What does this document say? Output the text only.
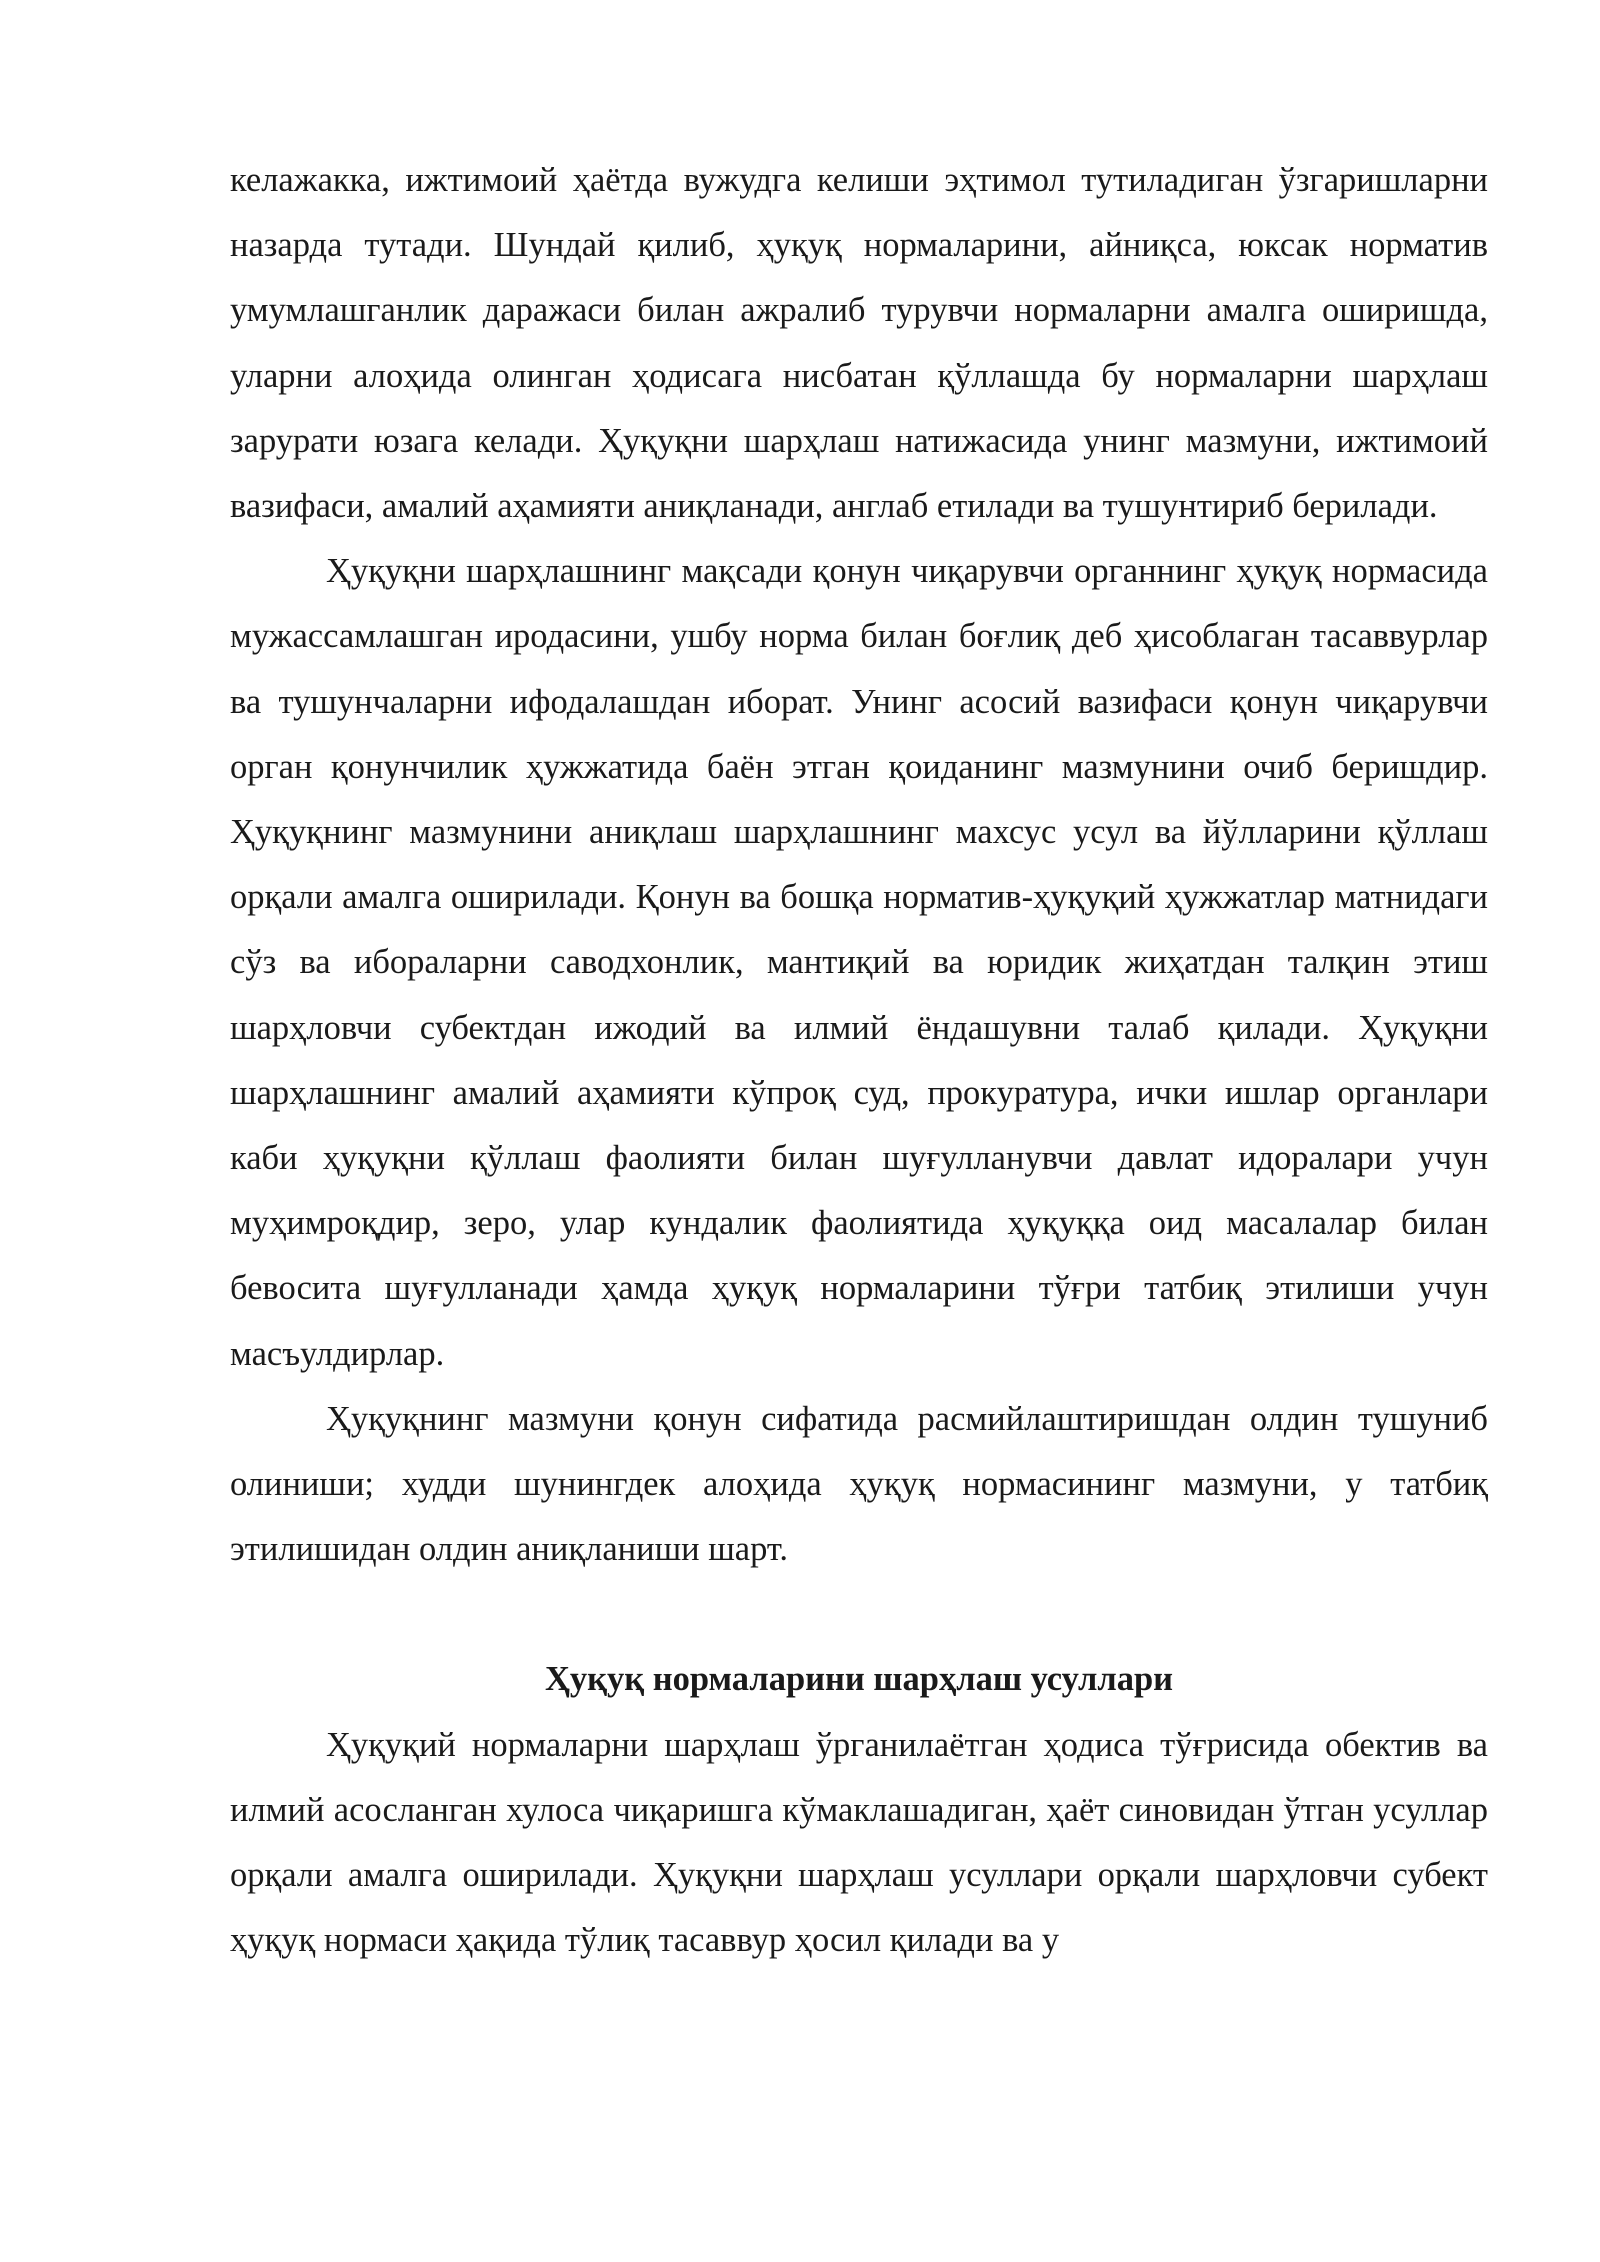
келажакка, ижтимоий ҳаётда вужудга келиши эҳтимол тутиладиган ўзгаришларни назарда тутади. Шундай қилиб, ҳуқуқ нормаларини, айниқса, юксак норматив умумлашганлик даражаси билан ажралиб турувчи нормаларни амалга оширишда, уларни алоҳида олинган ҳодисага нисбатан қўллашда бу нормаларни шарҳлаш зарурати юзага келади. Ҳуқуқни шарҳлаш натижасида унинг мазмуни, ижтимоий вазифаси, амалий аҳамияти аниқланади, англаб етилади ва тушунтириб берилади.

Ҳуқуқни шарҳлашнинг мақсади қонун чиқарувчи органнинг ҳуқуқ нормасида мужассамлашган иродасини, ушбу норма билан боғлиқ деб ҳисоблаган тасаввурлар ва тушунчаларни ифодалашдан иборат. Унинг асосий вазифаси қонун чиқарувчи орган қонунчилик ҳужжатида баён этган қоиданинг мазмунини очиб беришдир. Ҳуқуқнинг мазмунини аниқлаш шарҳлашнинг махсус усул ва йўлларини қўллаш орқали амалга оширилади. Қонун ва бошқа норматив-ҳуқуқий ҳужжатлар матнидаги сўз ва ибораларни саводхонлик, мантиқий ва юридик жиҳатдан талқин этиш шарҳловчи субектдан ижодий ва илмий ёндашувни талаб қилади. Ҳуқуқни шарҳлашнинг амалий аҳамияти кўпроқ суд, прокуратура, ички ишлар органлари каби ҳуқуқни қўллаш фаолияти билан шуғулланувчи давлат идоралари учун муҳимроқдир, зеро, улар кундалик фаолиятида ҳуқуққа оид масалалар билан бевосита шуғулланади ҳамда ҳуқуқ нормаларини тўғри татбиқ этилиши учун масъулдирлар.

Ҳуқуқнинг мазмуни қонун сифатида расмийлаштиришдан олдин тушуниб олиниши; худди шунингдек алоҳида ҳуқуқ нормасининг мазмуни, у татбиқ этилишидан олдин аниқланиши шарт.

Ҳуқуқ нормаларини шарҳлаш усуллари

Ҳуқуқий нормаларни шарҳлаш ўрганилаётган ҳодиса тўғрисида обектив ва илмий асосланган хулоса чиқаришга кўмаклашадиган, ҳаёт синовидан ўтган усуллар орқали амалга оширилади. Ҳуқуқни шарҳлаш усуллари орқали шарҳловчи субект ҳуқуқ нормаси ҳақида тўлиқ тасаввур ҳосил қилади ва у
